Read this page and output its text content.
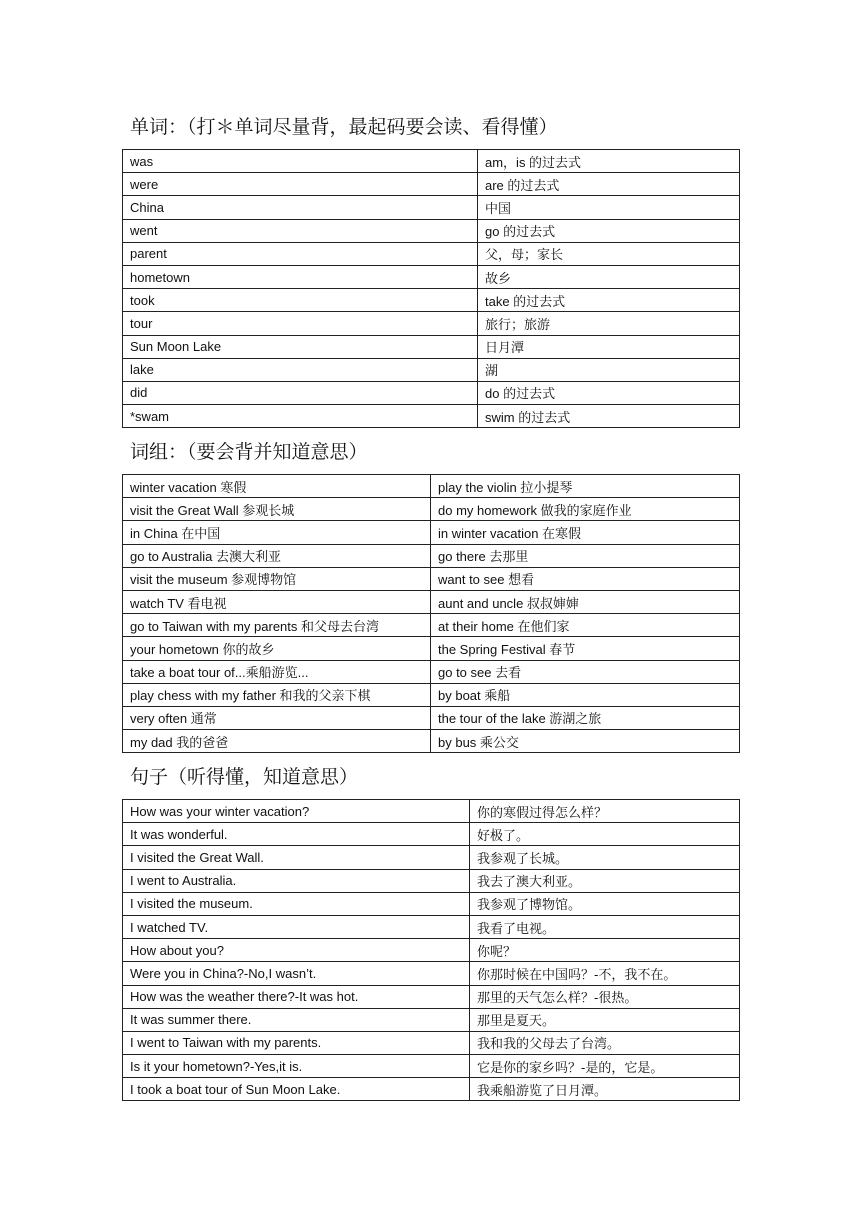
单词：（打＊单词尽量背，最起码要会读、看得懂）
was	am，is 的过去式
were	are 的过去式
China	中国
went	go 的过去式
parent	父，母；家长
hometown	故乡
took	take 的过去式
tour	旅行；旅游
Sun Moon Lake	日月潭
lake	湖
did	do 的过去式
*swam	swim 的过去式
词组：（要会背并知道意思）
winter vacation 寒假	play the violin 拉小提琴
visit the Great Wall 参观长城	do my homework 做我的家庭作业
in China 在中国	in winter vacation 在寒假
go to Australia 去澳大利亚	go there 去那里
visit the museum 参观博物馆	want to see 想看
watch TV 看电视	aunt and uncle 叔叔婶婶
go to Taiwan with my parents 和父母去台湾	at their home 在他们家
your hometown 你的故乡	the Spring Festival 春节
take a boat tour of...乘船游览...	go to see 去看
play chess with my father 和我的父亲下棋	by boat 乘船
very often 通常	the tour of the lake 游湖之旅
my dad 我的爸爸	by bus 乘公交
句子（听得懂，知道意思）
How was your winter vacation?	你的寒假过得怎么样？
It was wonderful.	好极了。
I visited the Great Wall.	我参观了长城。
I went to Australia.	我去了澳大利亚。
I visited the museum.	我参观了博物馆。
I watched TV.	我看了电视。
How about you?	你呢？
Were you in China?-No,I wasn’t.	你那时候在中国吗？-不，我不在。
How was the weather there?-It was hot.	那里的天气怎么样？-很热。
It was summer there.	那里是夏天。
I went to Taiwan with my parents.	我和我的父母去了台湾。
Is it your hometown?-Yes,it is.	它是你的家乡吗？-是的，它是。
I took a boat tour of Sun Moon Lake.	我乘船游览了日月潭。
